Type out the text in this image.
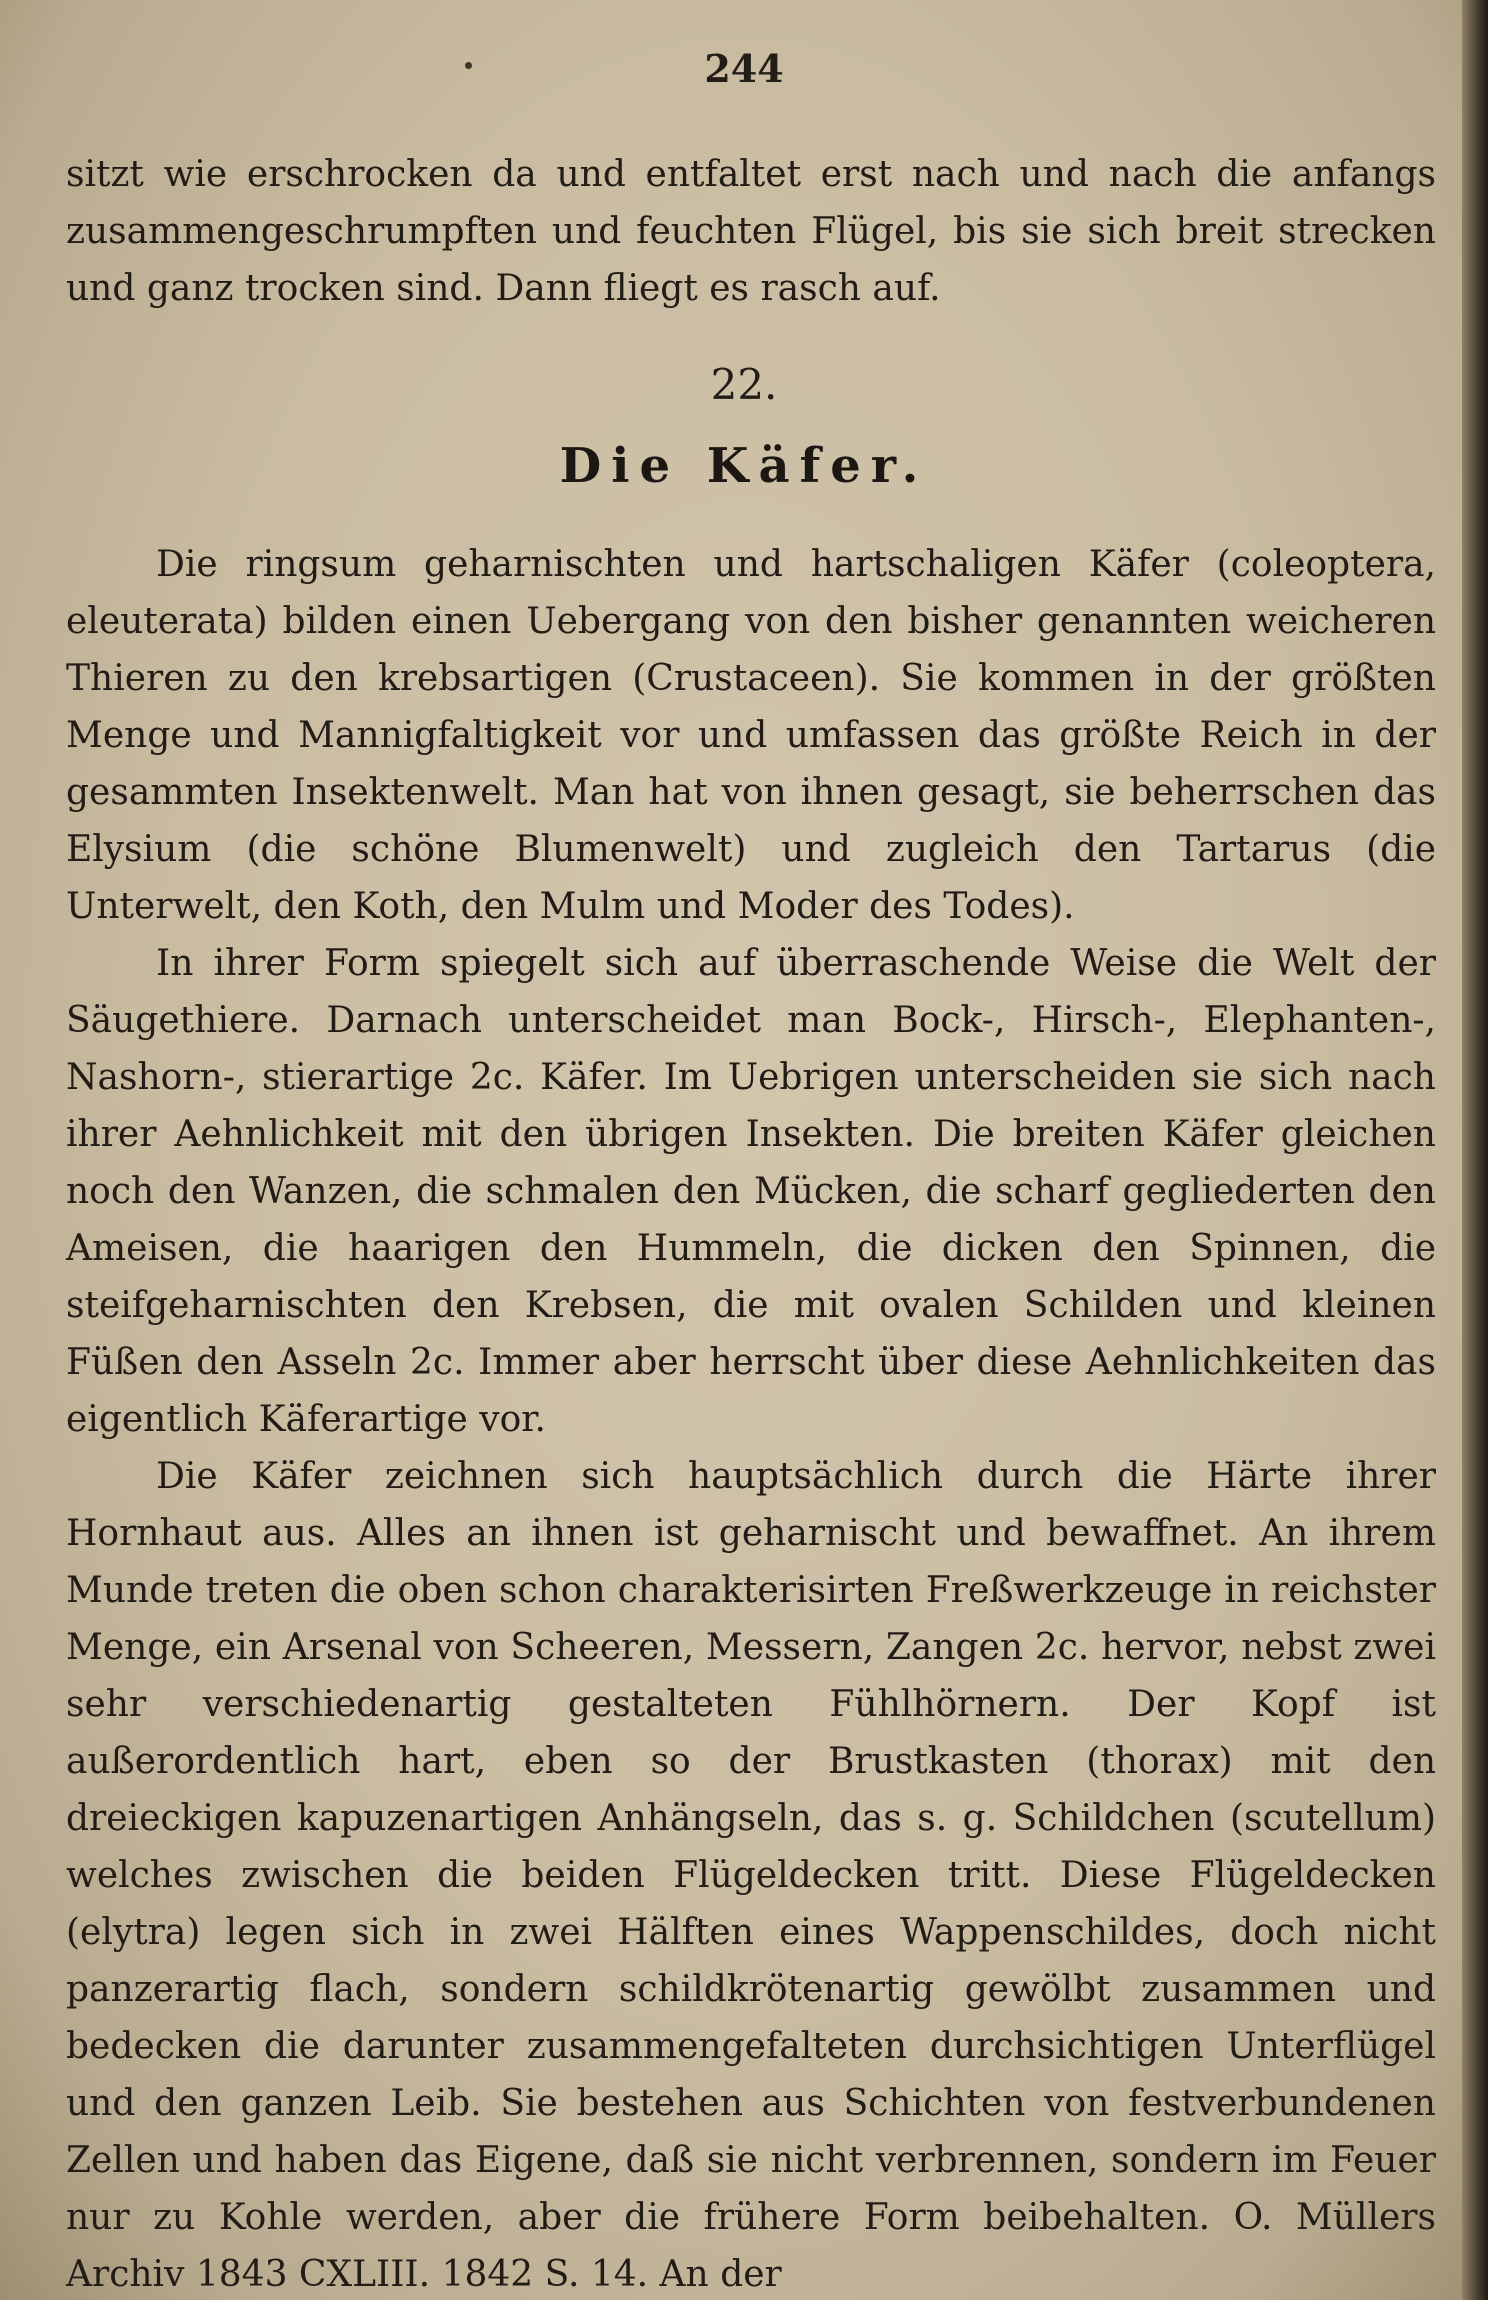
244

sitzt wie erschrocken da und entfaltet erst nach und nach die anfangs zusammengeschrumpften und feuchten Flügel, bis sie sich breit strecken und ganz trocken sind. Dann fliegt es rasch auf.

22.
Die Käfer.

Die ringsum geharnischten und hartschaligen Käfer (coleoptera, eleuterata) bilden einen Uebergang von den bisher genannten weicheren Thieren zu den krebsartigen (Crustaceen). Sie kommen in der größten Menge und Mannigfaltigkeit vor und umfassen das größte Reich in der gesammten Insektenwelt. Man hat von ihnen gesagt, sie beherrschen das Elysium (die schöne Blumenwelt) und zugleich den Tartarus (die Unterwelt, den Koth, den Mulm und Moder des Todes).

In ihrer Form spiegelt sich auf überraschende Weise die Welt der Säugethiere. Darnach unterscheidet man Bock-, Hirsch-, Elephanten-, Nashorn-, stierartige 2c. Käfer. Im Uebrigen unterscheiden sie sich nach ihrer Aehnlichkeit mit den übrigen Insekten. Die breiten Käfer gleichen noch den Wanzen, die schmalen den Mücken, die scharf gegliederten den Ameisen, die haarigen den Hummeln, die dicken den Spinnen, die steifgeharnischten den Krebsen, die mit ovalen Schilden und kleinen Füßen den Asseln 2c. Immer aber herrscht über diese Aehnlichkeiten das eigentlich Käferartige vor.

Die Käfer zeichnen sich hauptsächlich durch die Härte ihrer Hornhaut aus. Alles an ihnen ist geharnischt und bewaffnet. An ihrem Munde treten die oben schon charakterisirten Freßwerkzeuge in reichster Menge, ein Arsenal von Scheeren, Messern, Zangen 2c. hervor, nebst zwei sehr verschiedenartig gestalteten Fühlhörnern. Der Kopf ist außerordentlich hart, eben so der Brustkasten (thorax) mit den dreieckigen kapuzenartigen Anhängseln, das s. g. Schildchen (scutellum) welches zwischen die beiden Flügeldecken tritt. Diese Flügeldecken (elytra) legen sich in zwei Hälften eines Wappenschildes, doch nicht panzerartig flach, sondern schildkrötenartig gewölbt zusammen und bedecken die darunter zusammengefalteten durchsichtigen Unterflügel und den ganzen Leib. Sie bestehen aus Schichten von festverbundenen Zellen und haben das Eigene, daß sie nicht verbrennen, sondern im Feuer nur zu Kohle werden, aber die frühere Form beibehalten. O. Müllers Archiv 1843 CXLIII. 1842 S. 14. An der
